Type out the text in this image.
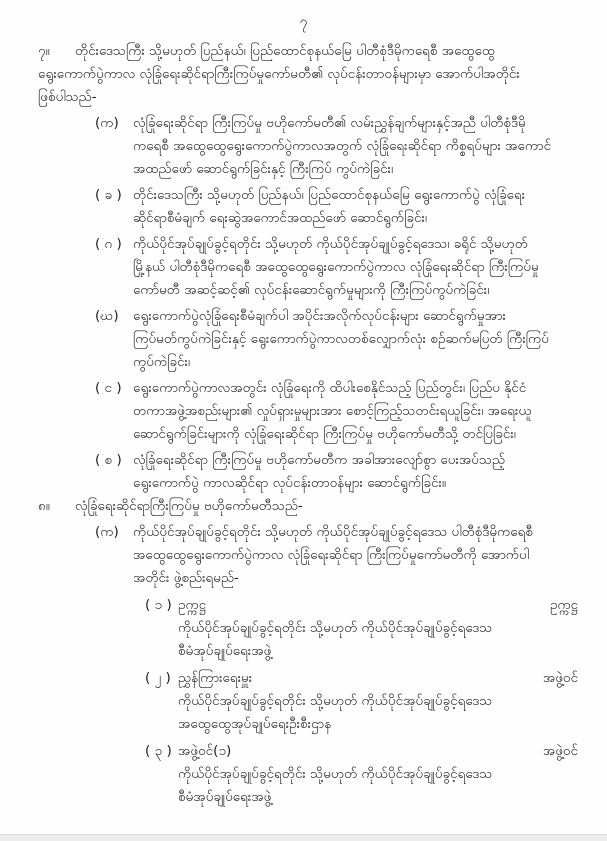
၇
၇။ တိုင်းဒေသကြီး သို့မဟုတ် ပြည်နယ်၊ ပြည်ထောင်စုနယ်မြေ ပါတီစုံဒီမိုကရေစီ အထွေထွေ
ရွေးကောက်ပွဲကာလ လုံခြုံရေးဆိုင်ရာကြီးကြပ်မှုကော်မတီ၏ လုပ်ငန်းတာဝန်များမှာ အောက်ပါအတိုင်း
ဖြစ်ပါသည်-
(က) လုံခြုံရေးဆိုင်ရာ ကြီးကြပ်မှု ဗဟိုကော်မတီ၏ လမ်းညွှန်ချက်များနှင့်အညီ ပါတီစုံဒီမို
ကရေစီ အထွေထွေရွေးကောက်ပွဲကာလအတွက် လုံခြုံရေးဆိုင်ရာ ကိစ္စရပ်များ အကောင်
အထည်ဖော် ဆောင်ရွက်ခြင်းနှင့် ကြီးကြပ် ကွပ်ကဲခြင်း၊
( ခ ) တိုင်းဒေသကြီး သို့မဟုတ် ပြည်နယ်၊ ပြည်ထောင်စုနယ်မြေ ရွေးကောက်ပွဲ လုံခြုံရေး
ဆိုင်ရာစီမံချက် ရေးဆွဲအကောင်အထည်ဖော် ဆောင်ရွက်ခြင်း၊
( ဂ ) ကိုယ်ပိုင်အုပ်ချုပ်ခွင့်ရတိုင်း သို့မဟုတ် ကိုယ်ပိုင်အုပ်ချုပ်ခွင့်ရဒေသ၊ ခရိုင် သို့မဟုတ်
မြို့နယ် ပါတီစုံဒီမိုကရေစီ အထွေထွေရွေးကောက်ပွဲကာလ လုံခြုံရေးဆိုင်ရာ ကြီးကြပ်မှု
ကော်မတီ အဆင့်ဆင့်၏ လုပ်ငန်းဆောင်ရွက်မှုများကို ကြီးကြပ်ကွပ်ကဲခြင်း၊
(ဃ) ရွေးကောက်ပွဲလုံခြုံရေးစီမံချက်ပါ အပိုင်းအလိုက်လုပ်ငန်းများ ဆောင်ရွက်မှုအား
ကြပ်မတ်ကွပ်ကဲခြင်းနှင့် ရွေးကောက်ပွဲကာလတစ်လျှောက်လုံး စဉ်ဆက်မပြတ် ကြီးကြပ်
ကွပ်ကဲခြင်း၊
( င ) ရွေးကောက်ပွဲကာလအတွင်း လုံခြုံရေးကို ထိပါးစေနိုင်သည့် ပြည်တွင်း၊ ပြည်ပ နိုင်ငံ
တကာအဖွဲ့အစည်းများ၏ လှုပ်ရှားမှုများအား စောင့်ကြည့်သတင်းရယူခြင်း၊ အရေးယူ
ဆောင်ရွက်ခြင်းများကို လုံခြုံရေးဆိုင်ရာ ကြီးကြပ်မှု ဗဟိုကော်မတီသို့ တင်ပြခြင်း၊
( စ ) လုံခြုံရေးဆိုင်ရာ ကြီးကြပ်မှု ဗဟိုကော်မတီက အခါအားလျော်စွာ ပေးအပ်သည့်
ရွေးကောက်ပွဲ ကာလဆိုင်ရာ လုပ်ငန်းတာဝန်များ ဆောင်ရွက်ခြင်း။
၈။ လုံခြုံရေးဆိုင်ရာကြီးကြပ်မှု ဗဟိုကော်မတီသည်-
(က) ကိုယ်ပိုင်အုပ်ချုပ်ခွင့်ရတိုင်း သို့မဟုတ် ကိုယ်ပိုင်အုပ်ချုပ်ခွင့်ရဒေသ ပါတီစုံဒီမိုကရေစီ
အထွေထွေရွေးကောက်ပွဲကာလ လုံခြုံရေးဆိုင်ရာ ကြီးကြပ်မှုကော်မတီကို အောက်ပါ
အတိုင်း ဖွဲ့စည်းရမည်-
( ၁ ) ဥက္ကဋ္ဌ	ဥက္ကဋ္ဌ
ကိုယ်ပိုင်အုပ်ချုပ်ခွင့်ရတိုင်း သို့မဟုတ် ကိုယ်ပိုင်အုပ်ချုပ်ခွင့်ရဒေသ
စီမံအုပ်ချုပ်ရေးအဖွဲ့
( ၂ ) ညွှန်ကြားရေးမှူး	အဖွဲ့ဝင်
ကိုယ်ပိုင်အုပ်ချုပ်ခွင့်ရတိုင်း သို့မဟုတ် ကိုယ်ပိုင်အုပ်ချုပ်ခွင့်ရဒေသ
အထွေထွေအုပ်ချုပ်ရေးဦးစီးဌာန
( ၃ ) အဖွဲ့ဝင်(၁)	အဖွဲ့ဝင်
ကိုယ်ပိုင်အုပ်ချုပ်ခွင့်ရတိုင်း သို့မဟုတ် ကိုယ်ပိုင်အုပ်ချုပ်ခွင့်ရဒေသ
စီမံအုပ်ချုပ်ရေးအဖွဲ့
